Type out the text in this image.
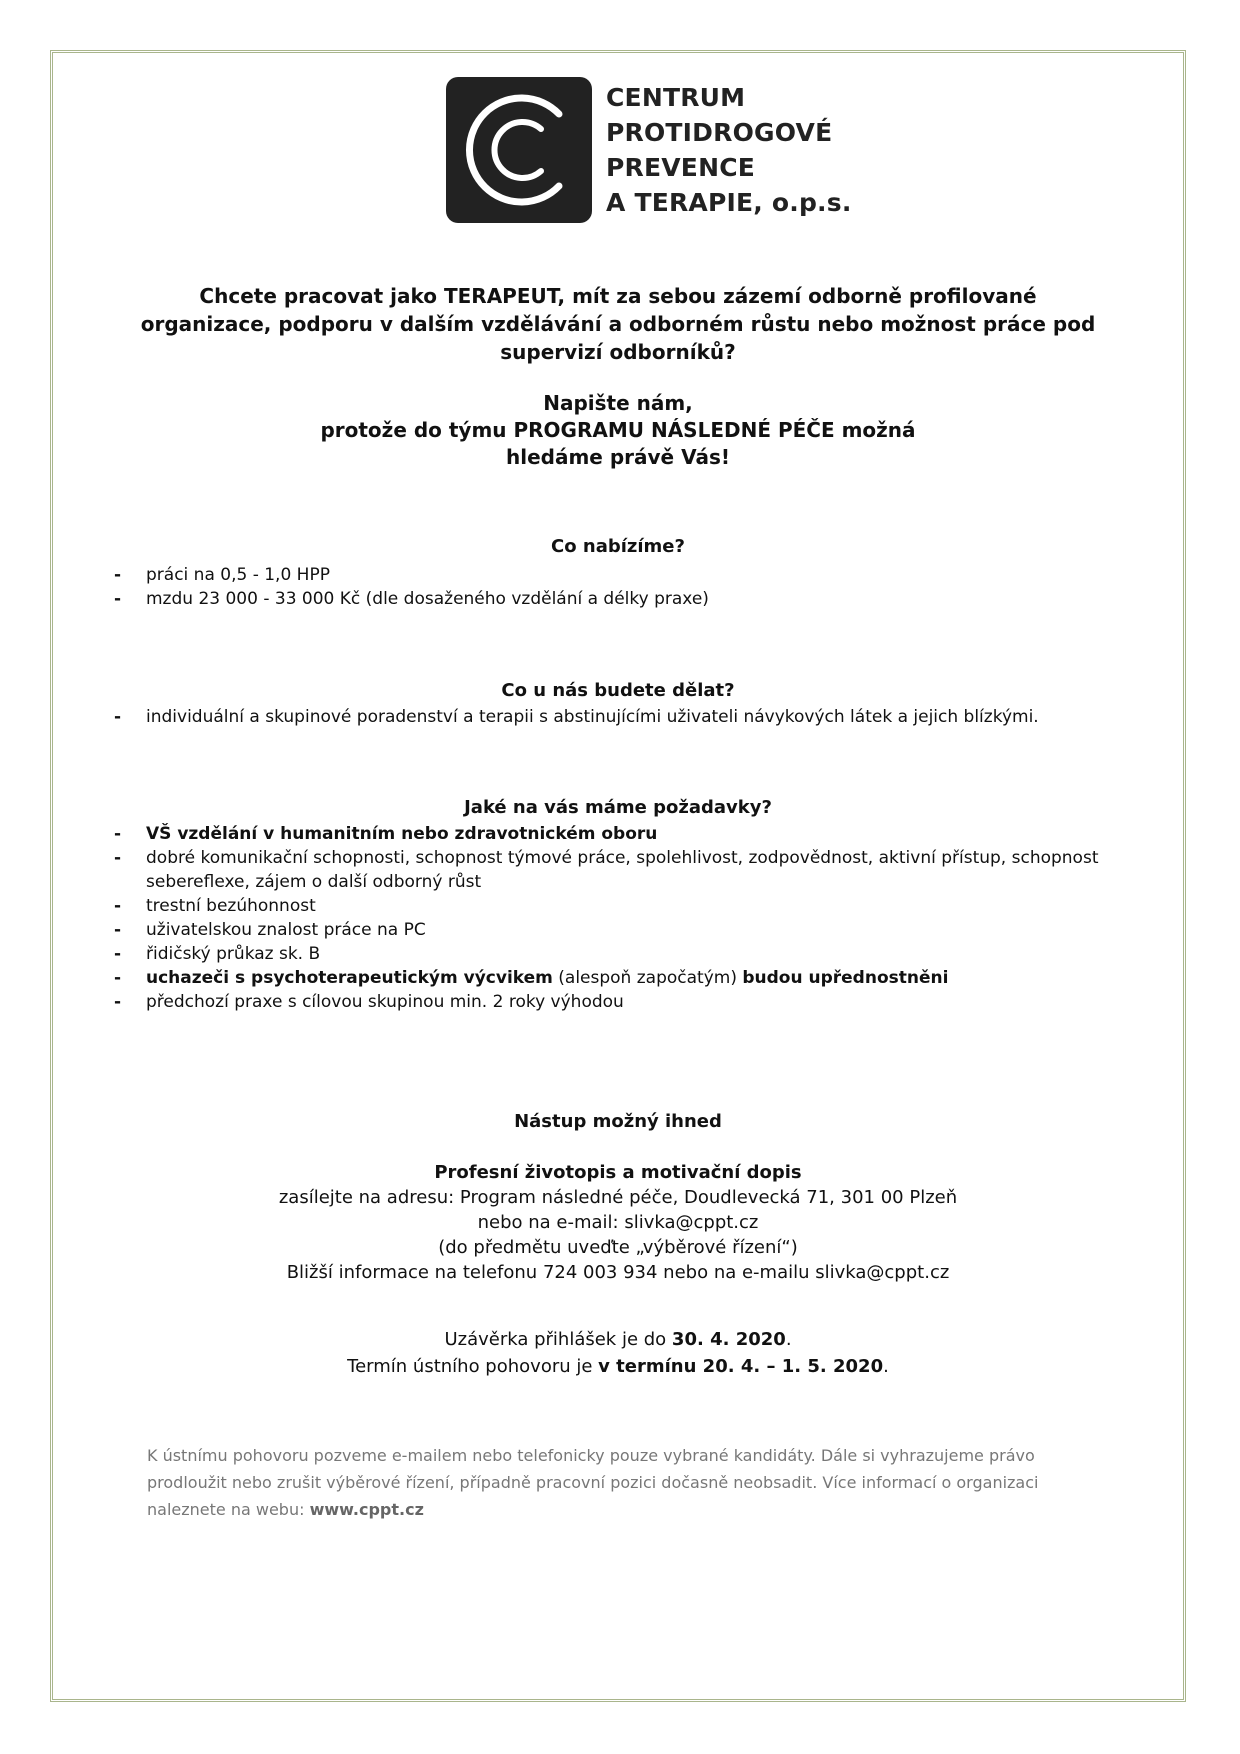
CENTRUM
PROTIDROGOVÉ
PREVENCE
A TERAPIE, o.p.s.
Chcete pracovat jako TERAPEUT, mít za sebou zázemí odborně profilované
organizace, podporu v dalším vzdělávání a odborném růstu nebo možnost práce pod
supervizí odborníků?
Napište nám,
protože do týmu PROGRAMU NÁSLEDNÉ PÉČE možná
hledáme právě Vás!
Co nabízíme?
- práci na 0,5 - 1,0 HPP
- mzdu 23 000 - 33 000 Kč (dle dosaženého vzdělání a délky praxe)
Co u nás budete dělat?
- individuální a skupinové poradenství a terapii s abstinujícími uživateli návykových látek a jejich blízkými.
Jaké na vás máme požadavky?
- VŠ vzdělání v humanitním nebo zdravotnickém oboru
- dobré komunikační schopnosti, schopnost týmové práce, spolehlivost, zodpovědnost, aktivní přístup, schopnost sebereflexe, zájem o další odborný růst
- trestní bezúhonnost
- uživatelskou znalost práce na PC
- řidičský průkaz sk. B
- uchazeči s psychoterapeutickým výcvikem (alespoň započatým) budou upřednostněni
- předchozí praxe s cílovou skupinou min. 2 roky výhodou
Nástup možný ihned
Profesní životopis a motivační dopis
zasílejte na adresu: Program následné péče, Doudlevecká 71, 301 00 Plzeň
nebo na e-mail: slivka@cppt.cz
(do předmětu uveďte „výběrové řízení“)
Bližší informace na telefonu 724 003 934 nebo na e-mailu slivka@cppt.cz
Uzávěrka přihlášek je do 30. 4. 2020.
Termín ústního pohovoru je v termínu 20. 4. – 1. 5. 2020.
K ústnímu pohovoru pozveme e-mailem nebo telefonicky pouze vybrané kandidáty. Dále si vyhrazujeme právo prodloužit nebo zrušit výběrové řízení, případně pracovní pozici dočasně neobsadit. Více informací o organizaci naleznete na webu: www.cppt.cz
